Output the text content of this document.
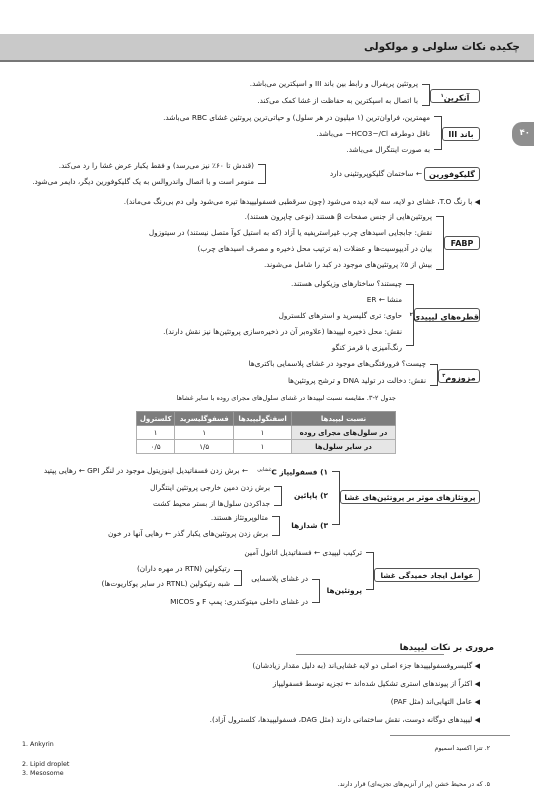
چکیده نکات سلولی و مولکولی
۴۰
آنکرین$^۱$
پروتئین پریفرال و رابط بین باند III و اسپکترین می‌باشد.
با اتصال به اسپکترین به حفاظت از غشا کمک می‌کند.
باند III
مهمترین، فراوان‌ترین (۱ میلیون در هر سلول) و حیاتی‌ترین پروتئین غشای RBC می‌باشد.
ناقل دوطرفه HCO3−/Cl− می‌باشد.
به صورت اینتگرال می‌باشد.
گلیکوفورین
← ساختمان گلیکوپروتئینی دارد
(قندش تا ۶۰٪ نیز می‌رسد) و فقط یکبار عرض غشا را رد می‌کند.
منومر است و با اتصال واندروالس به یک گلیکوفورین دیگر، دایمر می‌شود.
◀ با رنگ T.O، غشای دو لایه، سه لایه دیده می‌شود (چون سرقطبی فسفولیپیدها تیره می‌شود ولی دم بی‌رنگ می‌ماند).
FABP
پروتئین‌هایی از جنس صفحات β هستند (نوعی چاپرون هستند).
نقش: جابجایی اسیدهای چرب غیراستریفیه یا آزاد (که به استیل کوآ متصل نیستند) در سیتوزول
بیان در آدیپوسیت‌ها و عضلات (به ترتیب محل ذخیره و مصرف اسیدهای چرب)
بیش از ۵٪ پروتئین‌های موجود در کبد را شامل می‌شوند.
قطره‌های لیپیدی$^۲$
چیستند؟ ساختارهای وزیکولی هستند.
منشا ← ER
حاوی: تری گلیسرید و استرهای کلسترول
نقش: محل ذخیره لیپیدها (علاوه‌بر آن در ذخیره‌سازی پروتئین‌ها نیز نقش دارند).
رنگ‌آمیزی با قرمز کنگو
مزوزوم$^۳$
چیست؟ فرورفتگی‌های موجود در غشای پلاسمایی باکتری‌ها
نقش: دخالت در تولید DNA و ترشح پروتئین‌ها
جدول ۲-۳. مقایسه نسبت لیپیدها در غشای سلول‌های مجرای روده با سایر غشاها
نسبت لیپیدها	اسفنگولیپیدها	فسفوگلیسرید	کلسترول
در سلول‌های مجرای روده	۱	۱	۱
در سایر سلول‌ها	۱	۱/۵	۰/۵
پروتئازهای موثر بر پروتئین‌های غشا
۱) فسفولیپاز $C^{غشایی}$
← برش زدن فسفاتیدیل اینوزیتول موجود در لنگر GPI ← رهایی پپتید
۲) پاپائین
برش زدن دمین خارجی پروتئین اینتگرال
جداکردن سلول‌ها از بستر محیط کشت
۳) شدازها
متالوپروتئاز هستند.
برش زدن پروتئین‌های یکبار گذر ← رهایی آنها در خون
عوامل ایجاد خمیدگی غشا
ترکیب لیپیدی ← فسفاتیدیل اتانول آمین
پروتئین‌ها
در غشای پلاسمایی
رتیکولین (RTN در مهره داران)
شبه رتیکولین (RTNL در سایر یوکاریوت‌ها)
در غشای داخلی میتوکندری: پمپ F و MICOS
مروری بر نکات لیپیدها
◀ گلیسروفسفولیپیدها جزء اصلی دو لایه غشایی‌اند (به دلیل مقدار زیادشان)
◀ اکثراً از پیوندهای استری تشکیل شده‌اند ← تجزیه توسط فسفولیپاز
◀ عامل التهابی‌اند (مثل PAF)
◀ لیپیدهای دوگانه دوست، نقش ساختمانی دارند (مثل DAG، فسفولیپیدها، کلسترول آزاد).
1. Ankyrin
2. Lipid droplet
3. Mesosome
۲. تترا اکسید اسمیوم
۵. که در محیط خشن (پر از آنزیم‌های تجزیه‌ای) قرار دارند.
